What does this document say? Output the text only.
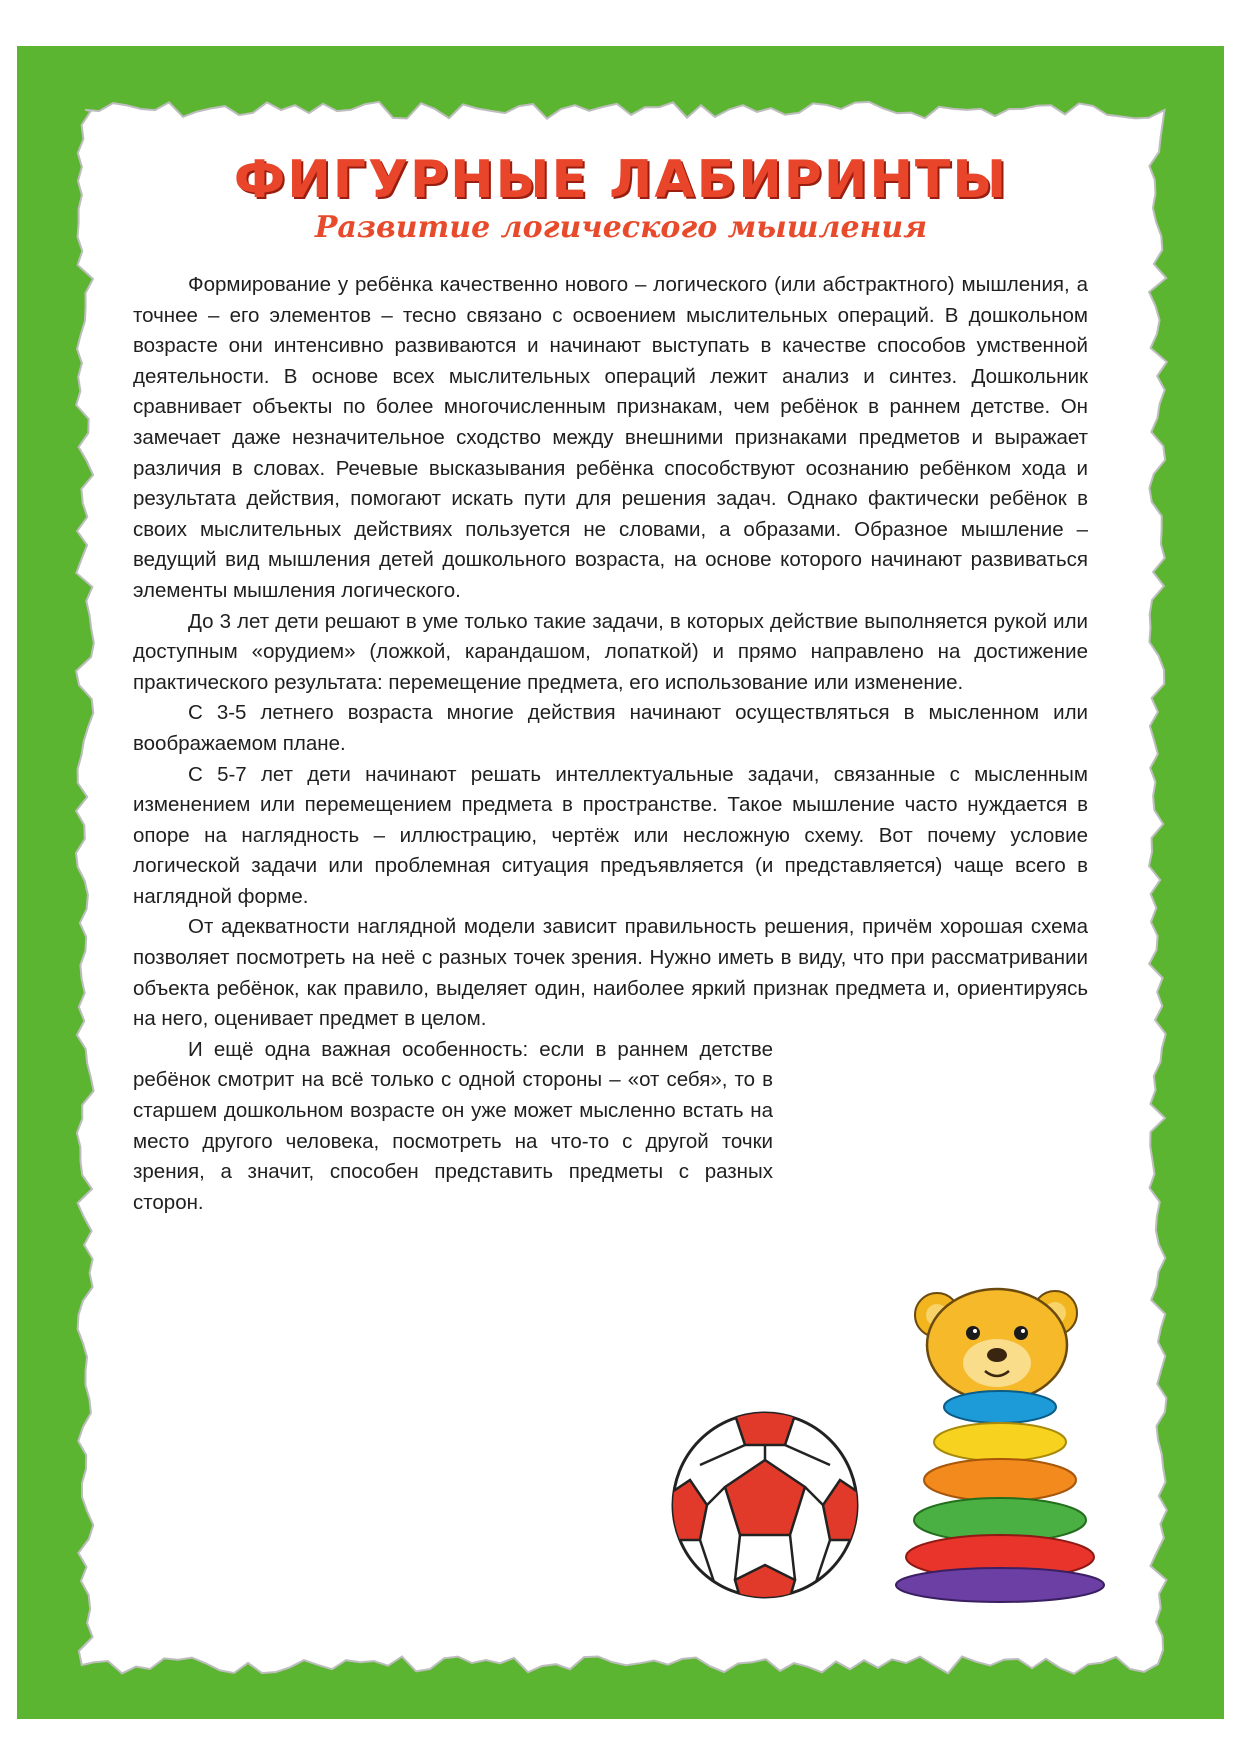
ФИГУРНЫЕ ЛАБИРИНТЫ
Развитие логического мышления

Формирование у ребёнка качественно нового – логического (или абстрактного) мышления, а точнее – его элементов – тесно связано с освоением мыслительных операций. В дошкольном возрасте они интенсивно развиваются и начинают выступать в качестве способов умственной деятельности. В основе всех мыслительных операций лежит анализ и синтез. Дошкольник сравнивает объекты по более многочисленным признакам, чем ребёнок в раннем детстве. Он замечает даже незначительное сходство между внешними признаками предметов и выражает различия в словах. Речевые высказывания ребёнка способствуют осознанию ребёнком хода и результата действия, помогают искать пути для решения задач. Однако фактически ребёнок в своих мыслительных действиях пользуется не словами, а образами. Образное мышление – ведущий вид мышления детей дошкольного возраста, на основе которого начинают развиваться элементы мышления логического.

До 3 лет дети решают в уме только такие задачи, в которых действие выполняется рукой или доступным «орудием» (ложкой, карандашом, лопаткой) и прямо направлено на достижение практического результата: перемещение предмета, его использование или изменение.

С 3-5 летнего возраста многие действия начинают осуществляться в мысленном или воображаемом плане.

С 5-7 лет дети начинают решать интеллектуальные задачи, связанные с мысленным изменением или перемещением предмета в пространстве. Такое мышление часто нуждается в опоре на наглядность – иллюстрацию, чертёж или несложную схему. Вот почему условие логической задачи или проблемная ситуация предъявляется (и представляется) чаще всего в наглядной форме.

От адекватности наглядной модели зависит правильность решения, причём хорошая схема позволяет посмотреть на неё с разных точек зрения. Нужно иметь в виду, что при рассматривании объекта ребёнок, как правило, выделяет один, наиболее яркий признак предмета и, ориентируясь на него, оценивает предмет в целом.

И ещё одна важная особенность: если в раннем детстве ребёнок смотрит на всё только с одной стороны – «от себя», то в старшем дошкольном возрасте он уже может мысленно встать на место другого человека, посмотреть на что-то с другой точки зрения, а значит, способен представить предметы с разных сторон.
